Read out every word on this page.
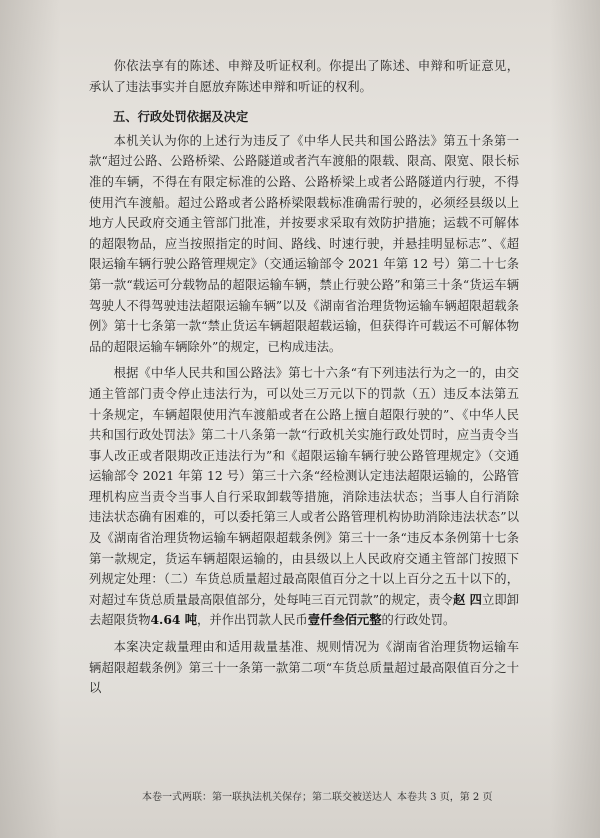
你依法享有的陈述、申辩及听证权利。你提出了陈述、申辩和听证意见，承认了违法事实并自愿放弃陈述申辩和听证的权利。

五、行政处罚依据及决定

本机关认为你的上述行为违反了《中华人民共和国公路法》第五十条第一款“超过公路、公路桥梁、公路隧道或者汽车渡船的限载、限高、限宽、限长标准的车辆，不得在有限定标准的公路、公路桥梁上或者公路隧道内行驶，不得使用汽车渡船。超过公路或者公路桥梁限载标准确需行驶的，必须经县级以上地方人民政府交通主管部门批准，并按要求采取有效防护措施；运载不可解体的超限物品，应当按照指定的时间、路线、时速行驶，并悬挂明显标志”、《超限运输车辆行驶公路管理规定》（交通运输部令 2021 年第 12 号）第二十七条第一款“载运可分载物品的超限运输车辆，禁止行驶公路”和第三十条“货运车辆驾驶人不得驾驶违法超限运输车辆”以及《湖南省治理货物运输车辆超限超载条例》第十七条第一款“禁止货运车辆超限超载运输，但获得许可载运不可解体物品的超限运输车辆除外”的规定，已构成违法。

根据《中华人民共和国公路法》第七十六条“有下列违法行为之一的，由交通主管部门责令停止违法行为，可以处三万元以下的罚款（五）违反本法第五十条规定，车辆超限使用汽车渡船或者在公路上擅自超限行驶的”、《中华人民共和国行政处罚法》第二十八条第一款“行政机关实施行政处罚时，应当责令当事人改正或者限期改正违法行为”和《超限运输车辆行驶公路管理规定》（交通运输部令 2021 年第 12 号）第三十六条“经检测认定违法超限运输的，公路管理机构应当责令当事人自行采取卸载等措施，消除违法状态；当事人自行消除违法状态确有困难的，可以委托第三人或者公路管理机构协助消除违法状态”以及《湖南省治理货物运输车辆超限超载条例》第三十一条“违反本条例第十七条第一款规定，货运车辆超限运输的，由县级以上人民政府交通主管部门按照下列规定处理：（二）车货总质量超过最高限值百分之十以上百分之五十以下的，对超过车货总质量最高限值部分，处每吨三百元罚款”的规定，责令赵 四立即卸去超限货物4.64 吨，并作出罚款人民币壹仟叁佰元整的行政处罚。

本案决定裁量理由和适用裁量基准、规则情况为《湖南省治理货物运输车辆超限超载条例》第三十一条第一款第二项“车货总质量超过最高限值百分之十以

本卷一式两联：第一联执法机关保存；第二联交被送达人 本卷共 3 页，第 2 页
